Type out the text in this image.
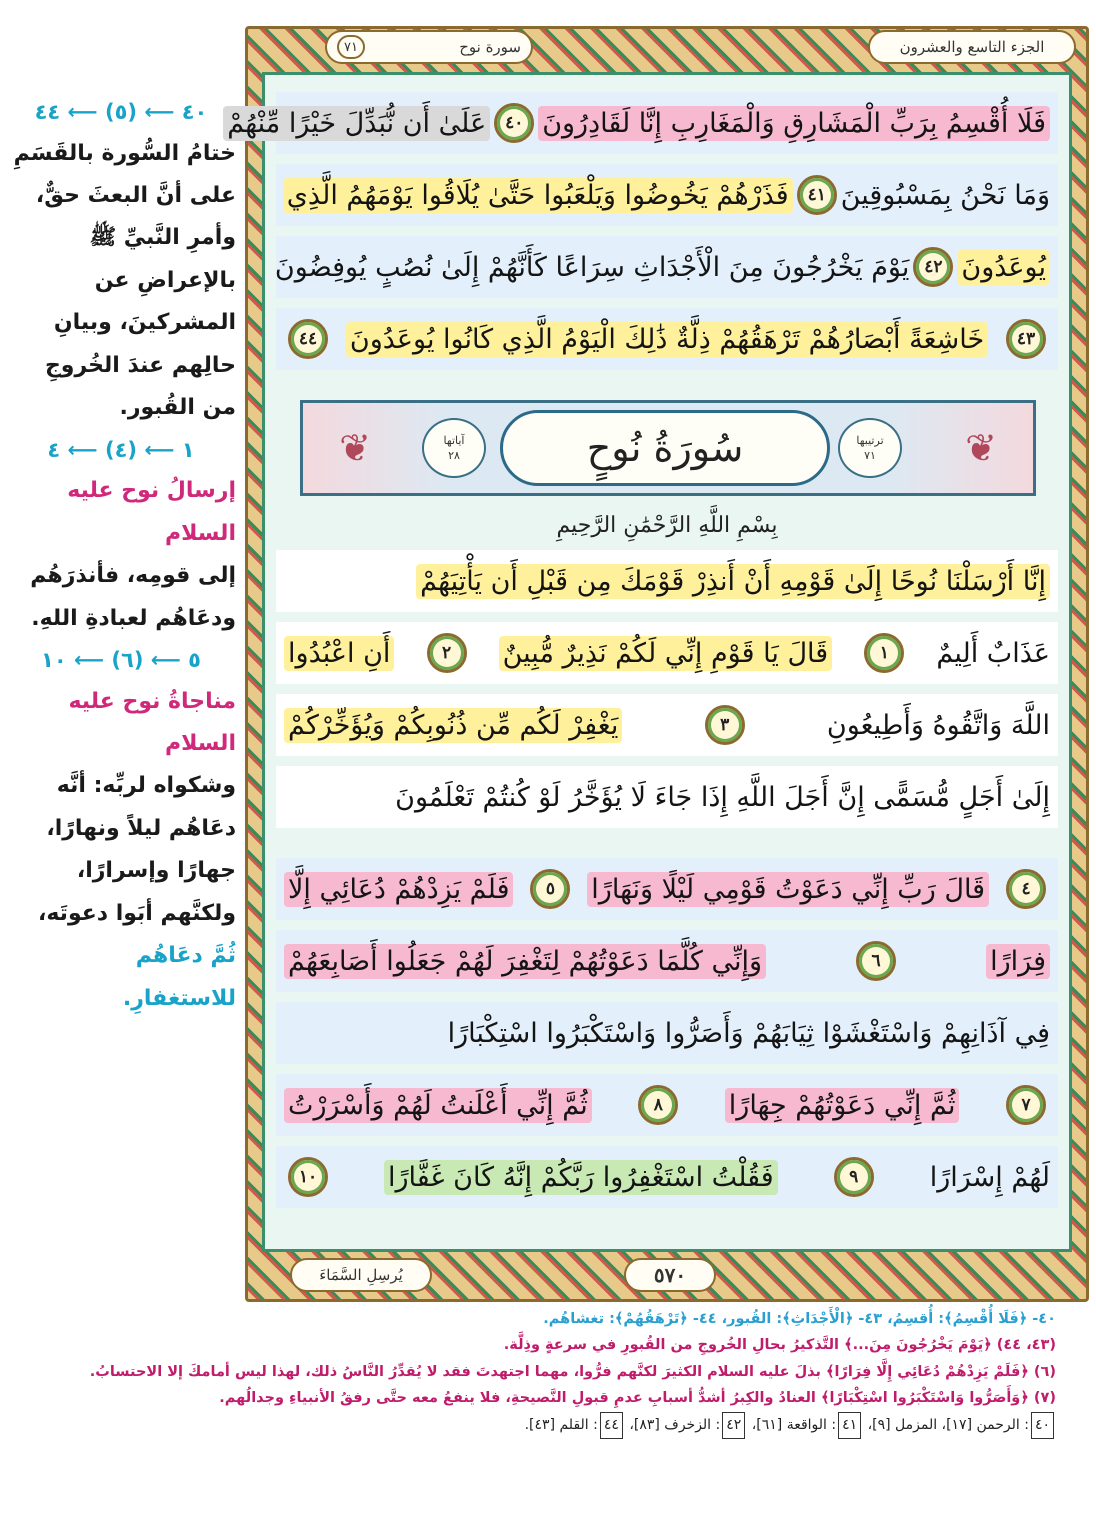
الجزء التاسع والعشرون
سورة نوح
٧١
فَلَا أُقْسِمُ بِرَبِّ الْمَشَارِقِ وَالْمَغَارِبِ إِنَّا لَقَادِرُونَ
٤٠
عَلَىٰ أَن نُّبَدِّلَ خَيْرًا مِّنْهُمْ
وَمَا نَحْنُ بِمَسْبُوقِينَ
٤١
فَذَرْهُمْ يَخُوضُوا وَيَلْعَبُوا حَتَّىٰ يُلَاقُوا يَوْمَهُمُ الَّذِي
يُوعَدُونَ
٤٢
يَوْمَ يَخْرُجُونَ مِنَ الْأَجْدَاثِ سِرَاعًا كَأَنَّهُمْ إِلَىٰ نُصُبٍ يُوفِضُونَ
٤٣
خَاشِعَةً أَبْصَارُهُمْ تَرْهَقُهُمْ ذِلَّةٌ ذَٰلِكَ الْيَوْمُ الَّذِي كَانُوا يُوعَدُونَ
٤٤
❦
❦	ترتيبها
٧١
سُورَةُ نُوحٍ
آياتها
٢٨
بِسْمِ اللَّهِ الرَّحْمَٰنِ الرَّحِيمِ
إِنَّا أَرْسَلْنَا نُوحًا إِلَىٰ قَوْمِهِ أَنْ أَنذِرْ قَوْمَكَ مِن قَبْلِ أَن يَأْتِيَهُمْ
عَذَابٌ أَلِيمٌ
١
قَالَ يَا قَوْمِ إِنِّي لَكُمْ نَذِيرٌ مُّبِينٌ
٢
أَنِ اعْبُدُوا
اللَّهَ وَاتَّقُوهُ وَأَطِيعُونِ
٣
يَغْفِرْ لَكُم مِّن ذُنُوبِكُمْ وَيُؤَخِّرْكُمْ
إِلَىٰ أَجَلٍ مُّسَمًّى إِنَّ أَجَلَ اللَّهِ إِذَا جَاءَ لَا يُؤَخَّرُ لَوْ كُنتُمْ تَعْلَمُونَ
٤
قَالَ رَبِّ إِنِّي دَعَوْتُ قَوْمِي لَيْلًا وَنَهَارًا
٥
فَلَمْ يَزِدْهُمْ دُعَائِي إِلَّا
فِرَارًا
٦
وَإِنِّي كُلَّمَا دَعَوْتُهُمْ لِتَغْفِرَ لَهُمْ جَعَلُوا أَصَابِعَهُمْ
فِي آذَانِهِمْ وَاسْتَغْشَوْا ثِيَابَهُمْ وَأَصَرُّوا وَاسْتَكْبَرُوا اسْتِكْبَارًا
٧
ثُمَّ إِنِّي دَعَوْتُهُمْ جِهَارًا
٨
ثُمَّ إِنِّي أَعْلَنتُ لَهُمْ وَأَسْرَرْتُ
لَهُمْ إِسْرَارًا
٩
فَقُلْتُ اسْتَغْفِرُوا رَبَّكُمْ إِنَّهُ كَانَ غَفَّارًا
١٠
يُرسِلِ السَّمَاءَ	٥٧٠
٤٠ ⟵ (٥) ⟵ ٤٤
ختامُ السُّورة بالقَسَمِ
على أنَّ البعثَ حقٌّ،
وأمرِ النَّبيِّ ﷺ
بالإعراضِ عن
المشركينَ، وبيانِ
حالِهم عندَ الخُروجِ
من القُبور.
١ ⟵ (٤) ⟵ ٤
إرسالُ نوح عليه السلام
إلى قومِه، فأنذرَهُم
ودعَاهُم لعبادةِ اللهِ.
٥ ⟵ (٦) ⟵ ١٠
مناجاةُ نوح عليه السلام
وشكواه لربِّه: أنَّه
دعَاهُم ليلاً ونهارًا،
جهارًا وإسرارًا،
ولكنَّهم أبَوا دعوتَه،
ثُمَّ دعَاهُم
للاستغفارِ.
٤٠- ﴿فَلَا أُقْسِمُ﴾: أُقسِمُ، ٤٣- ﴿الْأَجْدَاثِ﴾: القُبور، ٤٤- ﴿تَرْهَقُهُمْ﴾: تغشاهُم.
(٤٣، ٤٤) ﴿يَوْمَ يَخْرُجُونَ مِنَ...﴾ التَّذكيرُ بحالِ الخُروجِ من القُبورِ في سرعةٍ وذِلَّة.
(٦) ﴿فَلَمْ يَزِدْهُمْ دُعَائِي إِلَّا فِرَارًا﴾ بذلَ عليه السلام الكثيرَ لكنَّهم فرُّوا، مهما اجتهدتَ فقد لا يُقدِّرُ النَّاسُ ذلك، لهذا ليس أمامكَ إلا الاحتسابُ.
(٧) ﴿وَأَصَرُّوا وَاسْتَكْبَرُوا اسْتِكْبَارًا﴾ العنادُ والكِبرُ أشدُّ أسبابِ عدمِ قبولِ النَّصيحةِ، فلا ينفعُ معه حتَّى رفقُ الأنبياءِ وجدالُهم.
٤٠: الرحمن [١٧]، المزمل [٩]، ٤١: الواقعة [٦١]، ٤٢: الزخرف [٨٣]، ٤٤: القلم [٤٣].
